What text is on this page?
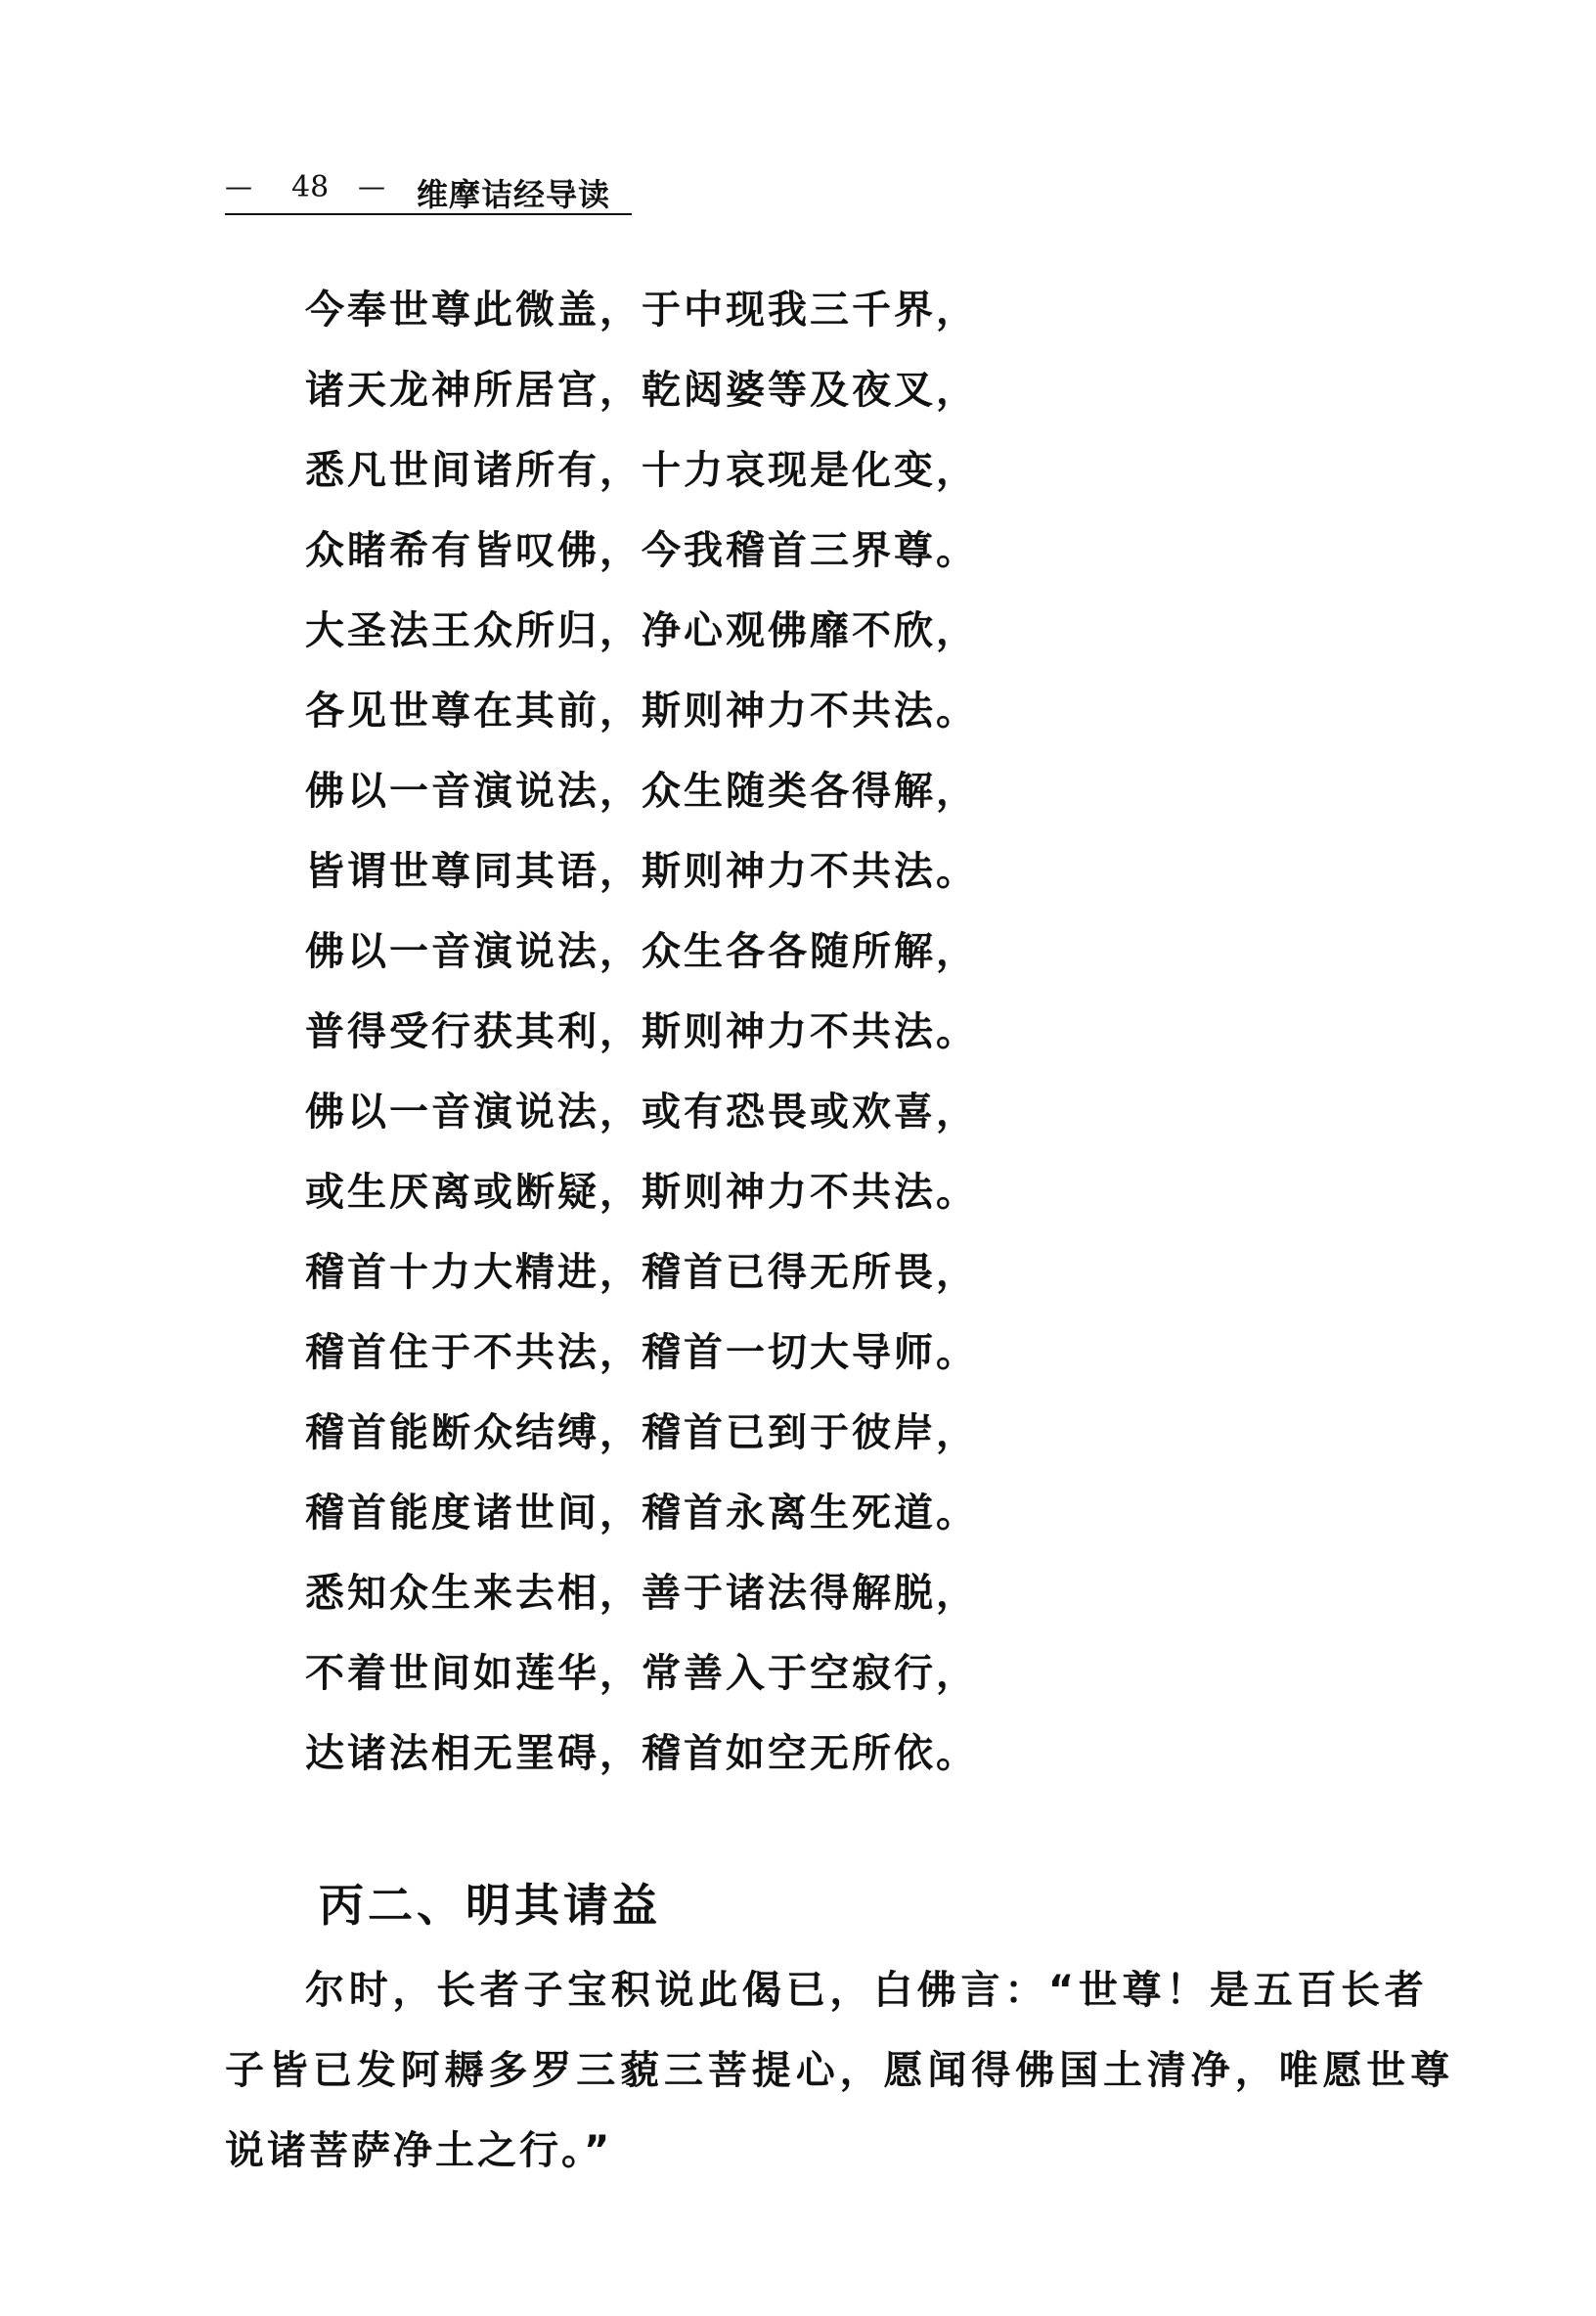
— 48 — 维摩诘经导读
今奉世尊此微盖，于中现我三千界，
诸天龙神所居宫，乾闼婆等及夜叉，
悉凡世间诸所有，十力哀现是化变，
众睹希有皆叹佛，今我稽首三界尊。
大圣法王众所归，净心观佛靡不欣，
各见世尊在其前，斯则神力不共法。
佛以一音演说法，众生随类各得解，
皆谓世尊同其语，斯则神力不共法。
佛以一音演说法，众生各各随所解，
普得受行获其利，斯则神力不共法。
佛以一音演说法，或有恐畏或欢喜，
或生厌离或断疑，斯则神力不共法。
稽首十力大精进，稽首已得无所畏，
稽首住于不共法，稽首一切大导师。
稽首能断众结缚，稽首已到于彼岸，
稽首能度诸世间，稽首永离生死道。
悉知众生来去相，善于诸法得解脱，
不着世间如莲华，常善入于空寂行，
达诸法相无罣碍，稽首如空无所依。
丙二、明其请益
尔时，长者子宝积说此偈已，白佛言：“世尊！是五百长者
子皆已发阿耨多罗三藐三菩提心，愿闻得佛国土清净，唯愿世尊
说诸菩萨净土之行。”
